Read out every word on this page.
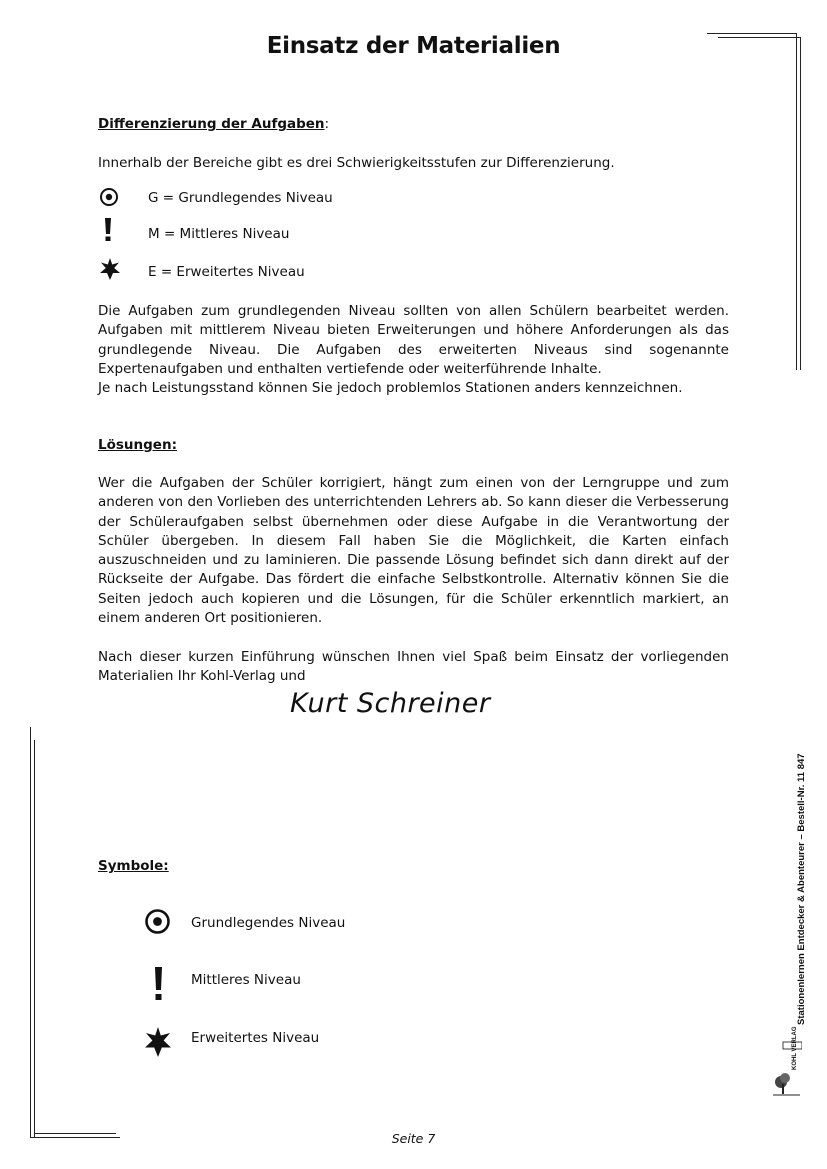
Einsatz der Materialien
Differenzierung der Aufgaben:

Innerhalb der Bereiche gibt es drei Schwierigkeitsstufen zur Differenzierung.

G = Grundlegendes Niveau
M = Mittleres Niveau
E = Erweitertes Niveau

Die Aufgaben zum grundlegenden Niveau sollten von allen Schülern bearbeitet werden. Aufgaben mit mittlerem Niveau bieten Erweiterungen und höhere Anforderungen als das grundlegende Niveau. Die Aufgaben des erweiterten Niveaus sind sogenannte Expertenaufgaben und enthalten vertiefende oder weiterführende Inhalte.

Je nach Leistungsstand können Sie jedoch problemlos Stationen anders kennzeichnen.

Lösungen:

Wer die Aufgaben der Schüler korrigiert, hängt zum einen von der Lerngruppe und zum anderen von den Vorlieben des unterrichtenden Lehrers ab. So kann dieser die Verbesserung der Schüleraufgaben selbst übernehmen oder diese Aufgabe in die Verantwortung der Schüler übergeben. In diesem Fall haben Sie die Möglichkeit, die Karten einfach auszuschneiden und zu laminieren. Die passende Lösung befindet sich dann direkt auf der Rückseite der Aufgabe. Das fördert die einfache Selbstkontrolle. Alternativ können Sie die Seiten jedoch auch kopieren und die Lösungen, für die Schüler erkenntlich markiert, an einem anderen Ort positionieren.

Nach dieser kurzen Einführung wünschen Ihnen viel Spaß beim Einsatz der vorliegenden Materialien Ihr Kohl-Verlag und

Kurt Schreiner
Symbole:
Grundlegendes Niveau
Mittleres Niveau
Erweitertes Niveau
Stationenlernen Entdecker & Abenteurer – Bestell-Nr. 11 847
KOHL VERLAG
Seite 7
